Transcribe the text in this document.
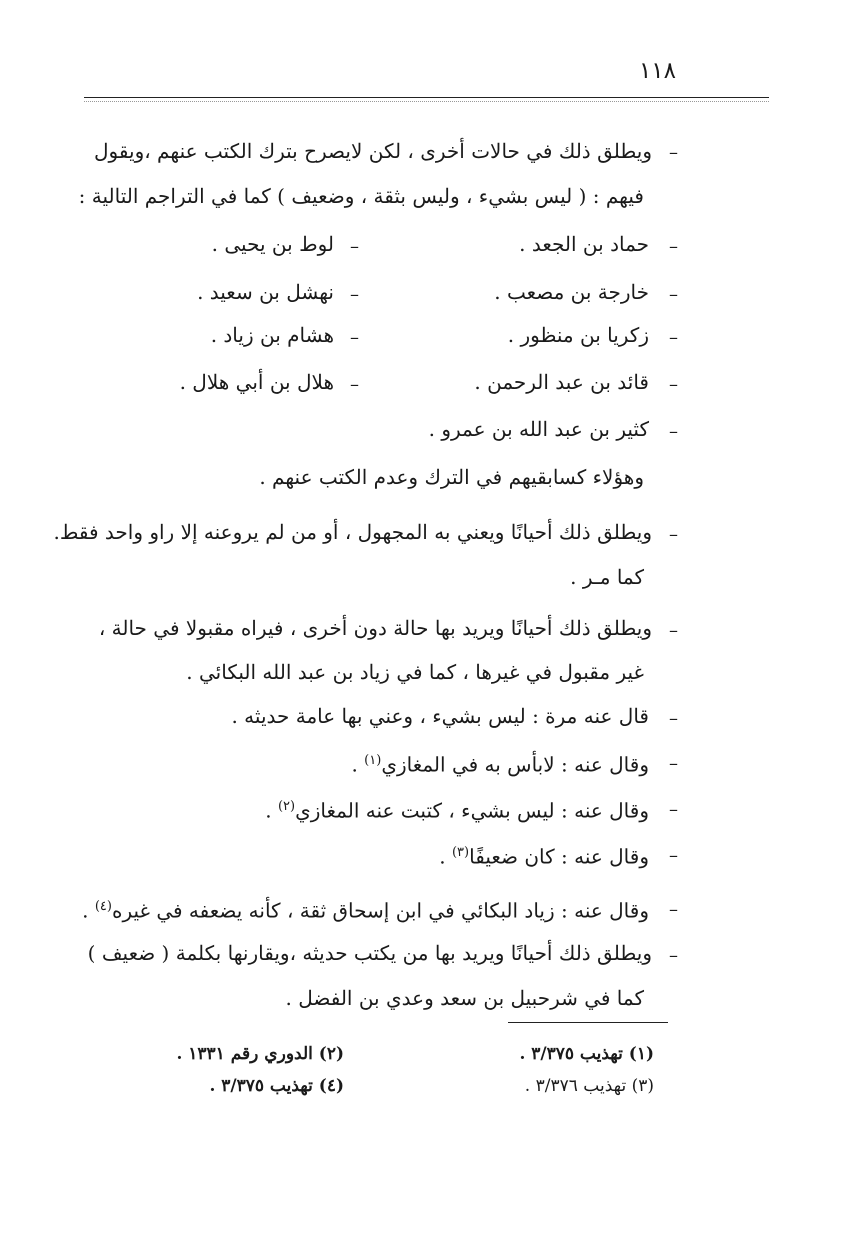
١١٨
–
ويطلق ذلك في حالات أخرى ، لكن لايصرح بترك الكتب عنهم ،ويقول
فيهم : ( ليس بشيء ، وليس بثقة ، وضعيف ) كما في التراجم التالية :
–
حماد بن الجعد .
–
خارجة بن مصعب .
–
زكريا بن منظور .
–
قائد بن عبد الرحمن .
–
كثير بن عبد الله بن عمرو .
–
لوط بن يحيى .
–
نهشل بن سعيد .
–
هشام بن زياد .
–
هلال بن أبي هلال .
وهؤلاء كسابقيهم في الترك وعدم الكتب عنهم .
–
ويطلق ذلك أحيانًا ويعني به المجهول ، أو من لم يروعنه إلا راو واحد فقط.
كما مـر .
–
ويطلق ذلك أحيانًا ويريد بها حالة دون أخرى ، فيراه مقبولا في حالة ،
غير مقبول في غيرها ، كما في زياد بن عبد الله البكائي .
–
قال عنه مرة : ليس بشيء ، وعني بها عامة حديثه .
–
وقال عنه : لابأس به في المغازي$^{(١)}$ .
–
وقال عنه : ليس بشيء ، كتبت عنه المغازي$^{(٢)}$ .
–
وقال عنه : كان ضعيفًا$^{(٣)}$ .
–
وقال عنه : زياد البكائي في ابن إسحاق ثقة ، كأنه يضعفه في غيره$^{(٤)}$ .
–
ويطلق ذلك أحيانًا ويريد بها من يكتب حديثه ،ويقارنها بكلمة ( ضعيف )
كما في شرحبيل بن سعد وعدي بن الفضل .
(١) تهذيب ٣/٣٧٥ .
(٢) الدوري رقم ١٣٣١ .
(٣) تهذيب ٣/٣٧٦ .
(٤) تهذيب ٣/٣٧٥ .
